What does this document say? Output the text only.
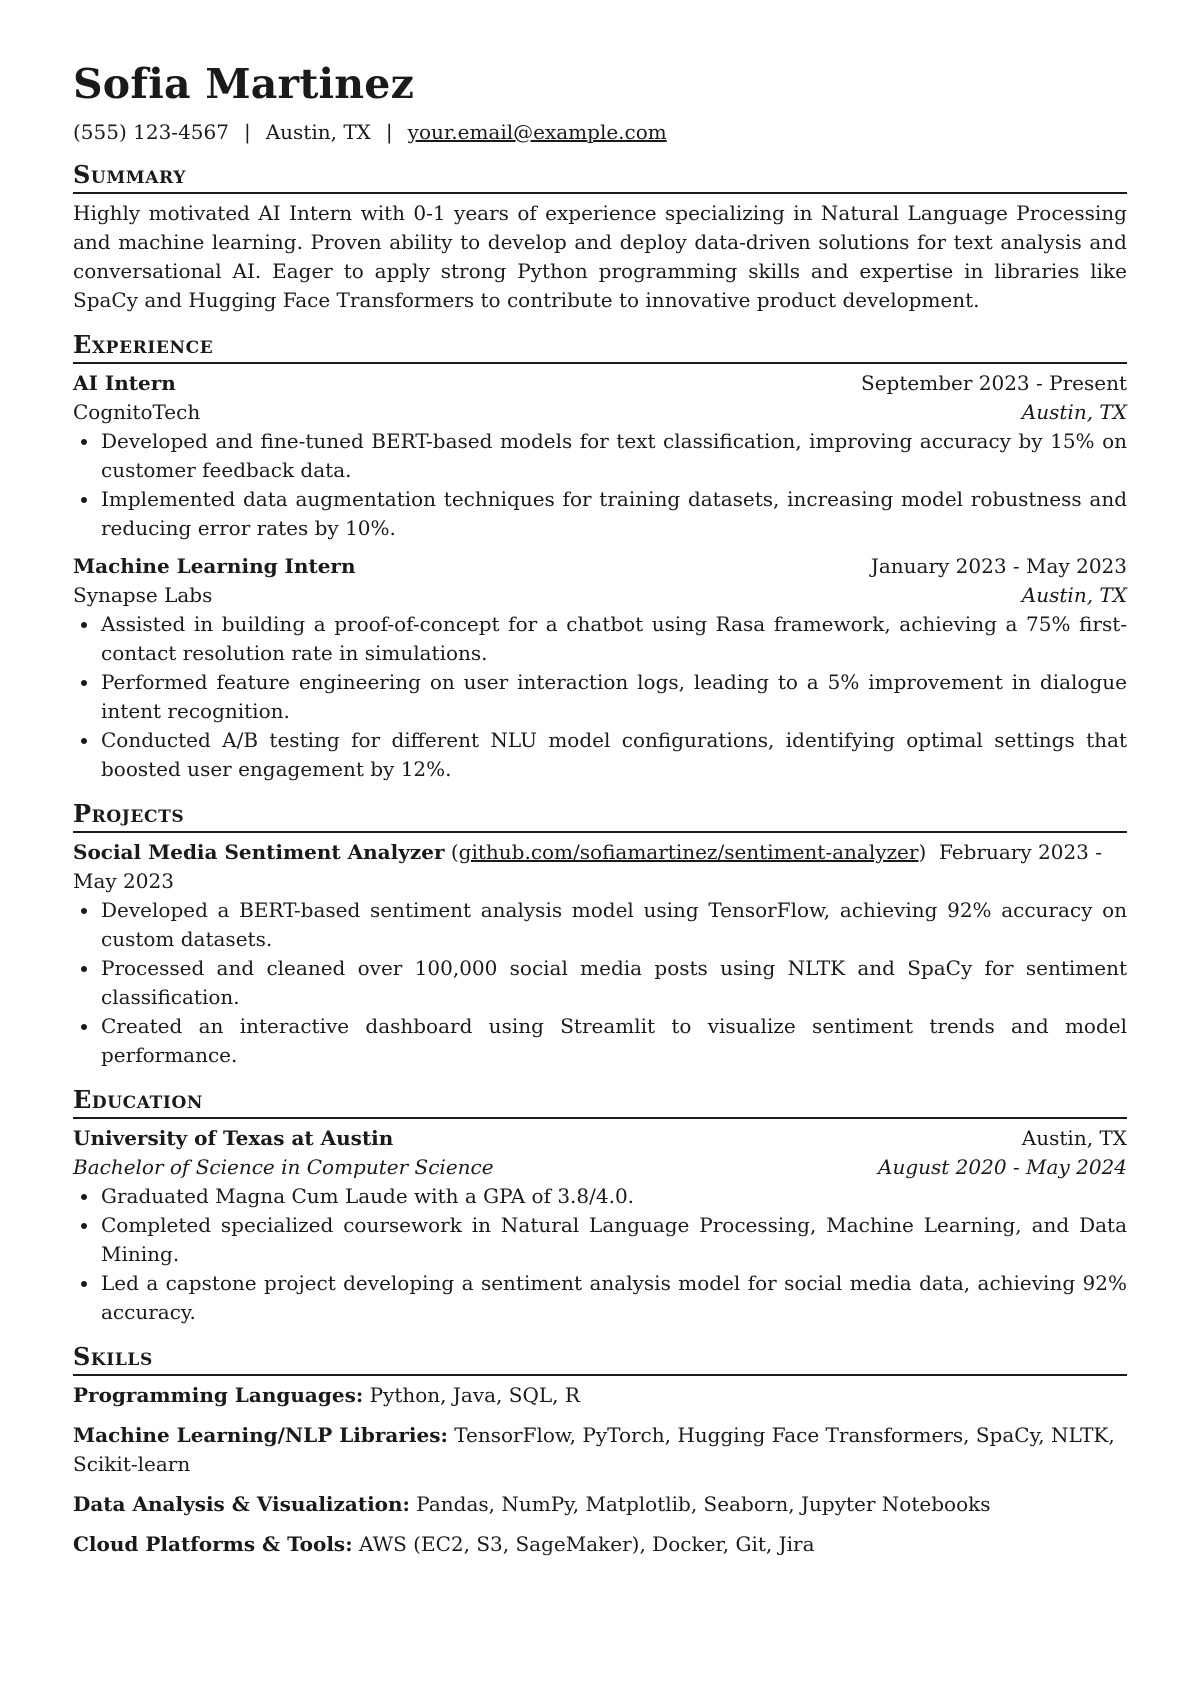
Sofia Martinez
(555) 123-4567 | Austin, TX | your.email@example.com
Summary

Highly motivated AI Intern with 0-1 years of experience specializing in Natural Language Processing and machine learning. Proven ability to develop and deploy data-driven solutions for text analysis and conversational AI. Eager to apply strong Python programming skills and expertise in libraries like SpaCy and Hugging Face Transformers to contribute to innovative product development.

Experience
AI Intern	September 2023 - Present
CognitoTech	Austin, TX
Developed and fine-tuned BERT-based models for text classification, improving accuracy by 15% on customer feedback data.
Implemented data augmentation techniques for training datasets, increasing model robustness and reducing error rates by 10%.
Machine Learning Intern	January 2023 - May 2023
Synapse Labs	Austin, TX
Assisted in building a proof-of-concept for a chatbot using Rasa framework, achieving a 75% first-contact resolution rate in simulations.
Performed feature engineering on user interaction logs, leading to a 5% improvement in dialogue intent recognition.
Conducted A/B testing for different NLU model configurations, identifying optimal settings that boosted user engagement by 12%.
Projects

Social Media Sentiment Analyzer (github.com/sofiamartinez/sentiment-analyzer)  February 2023 - May 2023

Developed a BERT-based sentiment analysis model using TensorFlow, achieving 92% accuracy on custom datasets.
Processed and cleaned over 100,000 social media posts using NLTK and SpaCy for sentiment classification.
Created an interactive dashboard using Streamlit to visualize sentiment trends and model performance.
Education
University of Texas at Austin	Austin, TX
Bachelor of Science in Computer Science	August 2020 - May 2024
Graduated Magna Cum Laude with a GPA of 3.8/4.0.
Completed specialized coursework in Natural Language Processing, Machine Learning, and Data Mining.
Led a capstone project developing a sentiment analysis model for social media data, achieving 92% accuracy.
Skills

Programming Languages: Python, Java, SQL, R

Machine Learning/NLP Libraries: TensorFlow, PyTorch, Hugging Face Transformers, SpaCy, NLTK, Scikit-learn

Data Analysis & Visualization: Pandas, NumPy, Matplotlib, Seaborn, Jupyter Notebooks

Cloud Platforms & Tools: AWS (EC2, S3, SageMaker), Docker, Git, Jira
